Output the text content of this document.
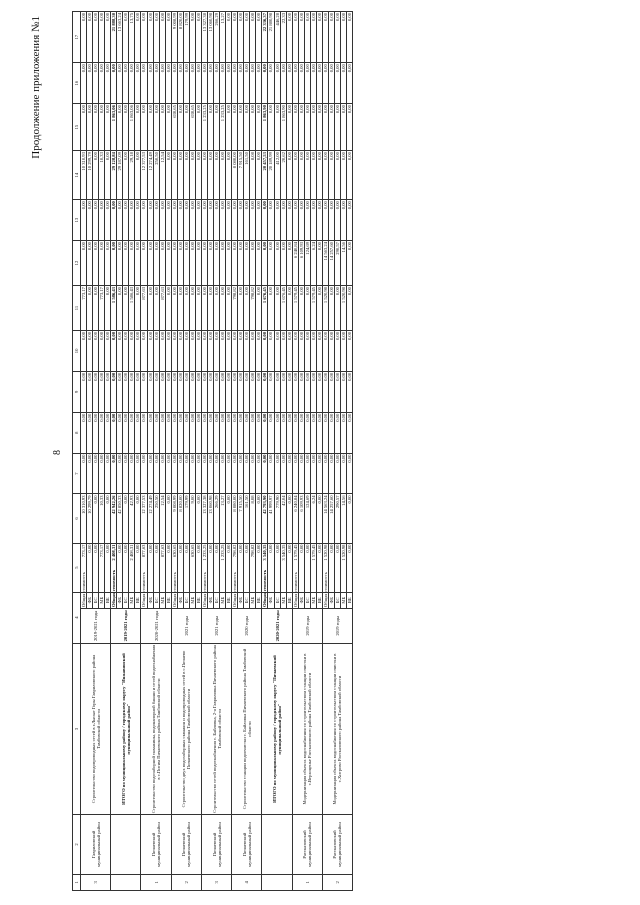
8
Продолжение приложения №1
1	2	3	4		5	6	7	8	9	10	11	12	13	14	15	16	17
3	Гавриловский муниципальный район	Строительство водопроводных сетей в г.Лысые Горы Гавриловского района Тамбовской области	2019-2021 годы	Общая стоимость	773,17	10 310,93	0,00	0,00	0,00	0,00	773,17	0,00	0,00	10 310,93	0,00	0,00	0,00
				ФБ	0,00	10 299,79	0,00	0,00	0,00	0,00	0,00	0,00	0,00	10 299,79	0,00	0,00	0,00
				БС	0,00	0,00	0,00	0,00	0,00	0,00	0,00	0,00	0,00	0,00	0,00	0,00	0,00
				МБ	773,17	10,33	0,00	0,00	0,00	0,00	773,17	0,00	0,00	10,33	0,00	0,00	0,00
				ВБ	0,00	0,00	0,00	0,00	0,00	0,00	0,00	0,00	0,00	0,00	0,00	0,00	0,00
		ИТОГО по муниципальному району / городскому округу "Инжавинский муниципальный район"	2019-2021 годы	Общая стоимость	2 408,31	42 942,26	0,00	0,00	0,00	0,00	1 586,43	0,00	0,00	29 128,84	1 863,06	0,00	21 888,30
				ФБ	0,00	42 850,33	0,00	0,00	0,00	0,00	0,00	0,00	0,00	29 187,09	0,00	0,00	13 663,24
				БС	0,00	0,00	0,00	0,00	0,00	0,00	0,00	0,00	0,00	0,00	0,00	0,00	0,00
				МБ	2 408,31	42,93	0,00	0,00	0,00	0,00	1 586,43	0,00	0,00	29,18	1 863,06	0,00	13,75
				ВБ	0,00	0,00	0,00	0,00	0,00	0,00	0,00	0,00	0,00	0,00	0,00	0,00	0,00
1	Пичаевский муниципальный район	Строительство водозаборной скважины, водонапорной башни и сетей водоснабжения в с.Питим Пичаевского района Тамбовской области	2020-2021 годы	Общая стоимость	877,63	12 377,53	0,00	0,00	0,00	0,00	877,63	0,00	0,00	12 377,53	0,00	0,00	0,00
				ФБ	0,00	12 274,49	0,00	0,00	0,00	0,00	0,00	0,00	0,00	12 274,49	0,00	0,00	0,00
				БС	0,00	250,50	0,00	0,00	0,00	0,00	0,00	0,00	0,00	250,50	0,00	0,00	0,00
				МБ	877,63	12,54	0,00	0,00	0,00	0,00	877,63	0,00	0,00	12,54	0,00	0,00	0,00
				ВБ	0,00	0,00	0,00	0,00	0,00	0,00	0,00	0,00	0,00	0,00	0,00	0,00	0,00
2	Пичаевский муниципальный район	Строительство двух водозаборных скважин и водопроводных сетей в с.Пичаево Пичаевского района Тамбовской области	2021 годы	Общая стоимость	630,65	9 008,99	0,00	0,00	0,00	0,00	0,00	0,00	0,00	0,00	630,65	0,00	9 008,99
				ФБ	0,00	8 820,00	0,00	0,00	0,00	0,00	0,00	0,00	0,00	0,00	0,00	0,00	8 820,00
				БС	0,00	179,99	0,00	0,00	0,00	0,00	0,00	0,00	0,00	0,00	0,00	0,00	179,99
				МБ	630,65	9,00	0,00	0,00	0,00	0,00	0,00	0,00	0,00	0,00	630,65	0,00	9,00
				ВБ	0,00	0,00	0,00	0,00	0,00	0,00	0,00	0,00	0,00	0,00	0,00	0,00	0,00
3	Пичаевский муниципальный район	Строительство сетей водоснабжения с. Байловка, 2-я Гавриловка Пичаевского района Тамбовской области	2021 годы	Общая стоимость	1 233,25	13 327,38	0,00	0,00	0,00	0,00	0,00	0,00	0,00	0,00	1 233,25	0,00	13 327,38
				ФБ	0,00	13 060,98	0,00	0,00	0,00	0,00	0,00	0,00	0,00	0,00	0,00	0,00	13 060,98
				БС	0,00	266,29	0,00	0,00	0,00	0,00	0,00	0,00	0,00	0,00	0,00	0,00	266,29
				МБ	1 233,25	13,27	0,00	0,00	0,00	0,00	0,00	0,00	0,00	0,00	1 233,25	0,00	13,27
				ВБ	0,00	0,00	0,00	0,00	0,00	0,00	0,00	0,00	0,00	0,00	0,00	0,00	0,00
4	Пичаевский муниципальный район	Строительство станции водоочистки с. Байловка Пичаевского района Тамбовской области	2020 годы	Общая стоимость	798,82	8 080,00	0,00	0,00	0,00	0,00	798,82	0,00	0,00	8 080,00	0,00	0,00	0,00
				ФБ	0,00	7 915,50	0,00	0,00	0,00	0,00	0,00	0,00	0,00	7 915,50	0,00	0,00	0,00
				БС	0,00	161,50	0,00	0,00	0,00	0,00	0,00	0,00	0,00	161,50	0,00	0,00	0,00
				МБ	798,82	8,08	0,00	0,00	0,00	0,00	798,82	0,00	0,00	8,08	0,00	0,00	0,00
				ВБ	0,00	0,00	0,00	0,00	0,00	0,00	0,00	0,00	0,00	0,00	0,00	0,00	0,00
		ИТОГО по муниципальному району / городскому округу "Пичаевский муниципальный район"	2020-2021 годы	Общая стоимость	3 540,35	42 793,90	0,00	0,00	0,00	0,00	1 676,45	0,00	0,00	20 457,53	1 863,90	0,00	22 336,37
				ФБ	0,00	41 999,97	0,00	0,00	0,00	0,00	0,00	0,00	0,00	20 189,99	0,00	0,00	21 880,98
				БС	0,00	779,90	0,00	0,00	0,00	0,00	0,00	0,00	0,00	412,00	0,00	0,00	446,28
				МБ	3 540,35	42,04	0,00	0,00	0,00	0,00	1 676,45	0,00	0,00	20,62	1 863,90	0,00	22,33
				ВБ	0,00	0,00	0,00	0,00	0,00	0,00	0,00	0,00	0,00	0,00	0,00	0,00	0,00
1	Рассказовский муниципальный район	Модернизация объекта водоснабжения со строительством станции очистки в с.Верхоценье Рассказовского района Тамбовской области	2019 годы	Общая стоимость	1 579,45	6 240,84	0,00	0,00	0,00	0,00	1 579,45	6 240,84	0,00	0,00	0,00	0,00	0,00
				ФБ	0,00	6 109,93	0,00	0,00	0,00	0,00	0,00	6 109,93	0,00	0,00	0,00	0,00	0,00
				БС	0,00	124,69	0,00	0,00	0,00	0,00	0,00	124,69	0,00	0,00	0,00	0,00	0,00
				МБ	1 579,45	6,24	0,00	0,00	0,00	0,00	1 579,45	6,24	0,00	0,00	0,00	0,00	0,00
				ВБ	0,00	0,00	0,00	0,00	0,00	0,00	0,00	0,00	0,00	0,00	0,00	0,00	0,00
2	Рассказовский муниципальный район	Модернизация объекта водоснабжения со строительством станции очистки в с.Хитрово Рассказовского района Тамбовской области	2019 годы	Общая стоимость	1 520,98	14 563,24	0,00	0,00	0,00	0,00	1 520,98	14 563,24	0,00	0,00	0,00	0,00	0,00
				ФБ	0,00	14 257,60	0,00	0,00	0,00	0,00	0,00	14 257,60	0,00	0,00	0,00	0,00	0,00
				БС	0,00	290,57	0,00	0,00	0,00	0,00	0,00	290,57	0,00	0,00	0,00	0,00	0,00
				МБ	1 520,98	14,56	0,00	0,00	0,00	0,00	1 520,98	14,56	0,00	0,00	0,00	0,00	0,00
				ВБ	0,00	0,00	0,00	0,00	0,00	0,00	0,00	0,00	0,00	0,00	0,00	0,00	0,00
